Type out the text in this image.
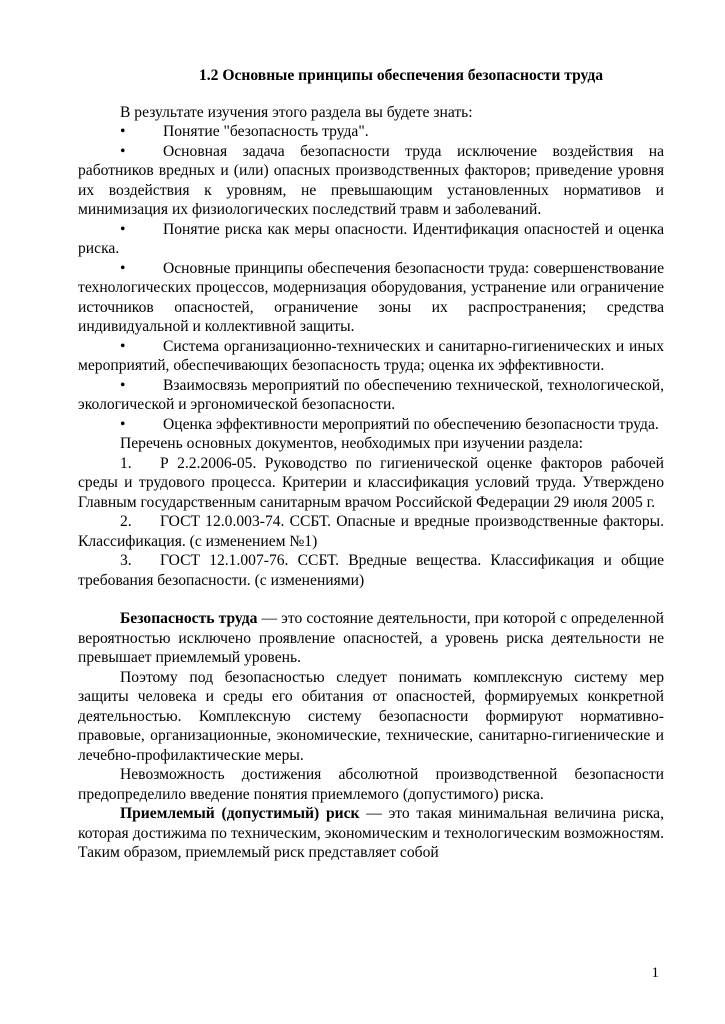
1.2 Основные принципы обеспечения безопасности труда

В результате изучения этого раздела вы будете знать:

• Понятие "безопасность труда".

• Основная задача безопасности труда исключение воздействия на работников вредных и (или) опасных производственных факторов; приведение уровня их воздействия к уровням, не превышающим установленных нормативов и минимизация их физиологических последствий травм и заболеваний.

• Понятие риска как меры опасности. Идентификация опасностей и оценка риска.

• Основные принципы обеспечения безопасности труда: совершенствование технологических процессов, модернизация оборудования, устранение или ограничение источников опасностей, ограничение зоны их распространения; средства индивидуальной и коллективной защиты.

• Система организационно-технических и санитарно-гигиенических и иных мероприятий, обеспечивающих безопасность труда; оценка их эффективности.

• Взаимосвязь мероприятий по обеспечению технической, технологической, экологической и эргономической безопасности.

• Оценка эффективности мероприятий по обеспечению безопасности труда.

Перечень основных документов, необходимых при изучении раздела:

1. Р 2.2.2006-05. Руководство по гигиенической оценке факторов рабочей среды и трудового процесса. Критерии и классификация условий труда. Утверждено Главным государственным санитарным врачом Российской Федерации 29 июля 2005 г.

2. ГОСТ 12.0.003-74. ССБТ. Опасные и вредные производственные факторы. Классификация. (с изменением №1)

3. ГОСТ 12.1.007-76. ССБТ. Вредные вещества. Классификация и общие требования безопасности. (с изменениями)

Безопасность труда — это состояние деятельности, при которой с определенной вероятностью исключено проявление опасностей, а уровень риска деятельности не превышает приемлемый уровень.

Поэтому под безопасностью следует понимать комплексную систему мер защиты человека и среды его обитания от опасностей, формируемых конкретной деятельностью. Комплексную систему безопасности формируют нормативно-правовые, организационные, экономические, технические, санитарно-гигиенические и лечебно-профилактические меры.

Невозможность достижения абсолютной производственной безопасности предопределило введение понятия приемлемого (допустимого) риска.

Приемлемый (допустимый) риск — это такая минимальная величина риска, которая достижима по техническим, экономическим и технологическим возможностям. Таким образом, приемлемый риск представляет собой

1
